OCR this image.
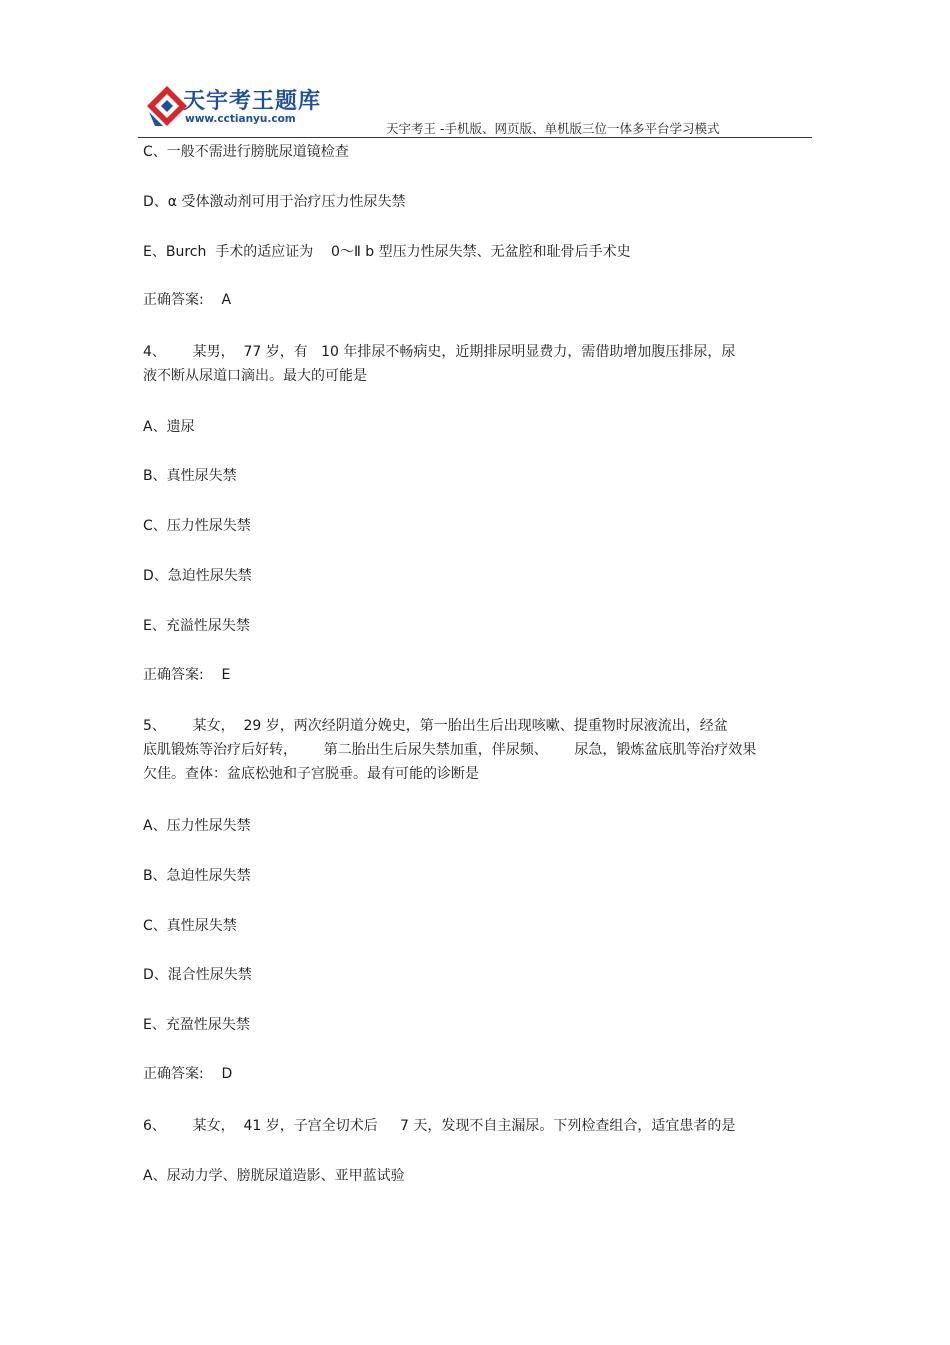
天宇考王题库
www.cctianyu.com
天宇考王 -手机版、网页版、单机版三位一体多平台学习模式
C、一般不需进行膀胱尿道镜检查
D、α 受体激动剂可用于治疗压力性尿失禁
E、Burch  手术的适应证为    0～Ⅱ b 型压力性尿失禁、无盆腔和耻骨后手术史
正确答案:    A
4、      某男，  77 岁，有   10 年排尿不畅病史，近期排尿明显费力，需借助增加腹压排尿，尿
液不断从尿道口滴出。最大的可能是
A、遗尿
B、真性尿失禁
C、压力性尿失禁
D、急迫性尿失禁
E、充溢性尿失禁
正确答案:    E
5、      某女，  29 岁，两次经阴道分娩史，第一胎出生后出现咳嗽、提重物时尿液流出，经盆
底肌锻炼等治疗后好转，      第二胎出生后尿失禁加重，伴尿频、      尿急，锻炼盆底肌等治疗效果
欠佳。查体：盆底松弛和子宫脱垂。最有可能的诊断是
A、压力性尿失禁
B、急迫性尿失禁
C、真性尿失禁
D、混合性尿失禁
E、充盈性尿失禁
正确答案:    D
6、      某女，  41 岁，子宫全切术后     7 天，发现不自主漏尿。下列检查组合，适宜患者的是
A、尿动力学、膀胱尿道造影、亚甲蓝试验
